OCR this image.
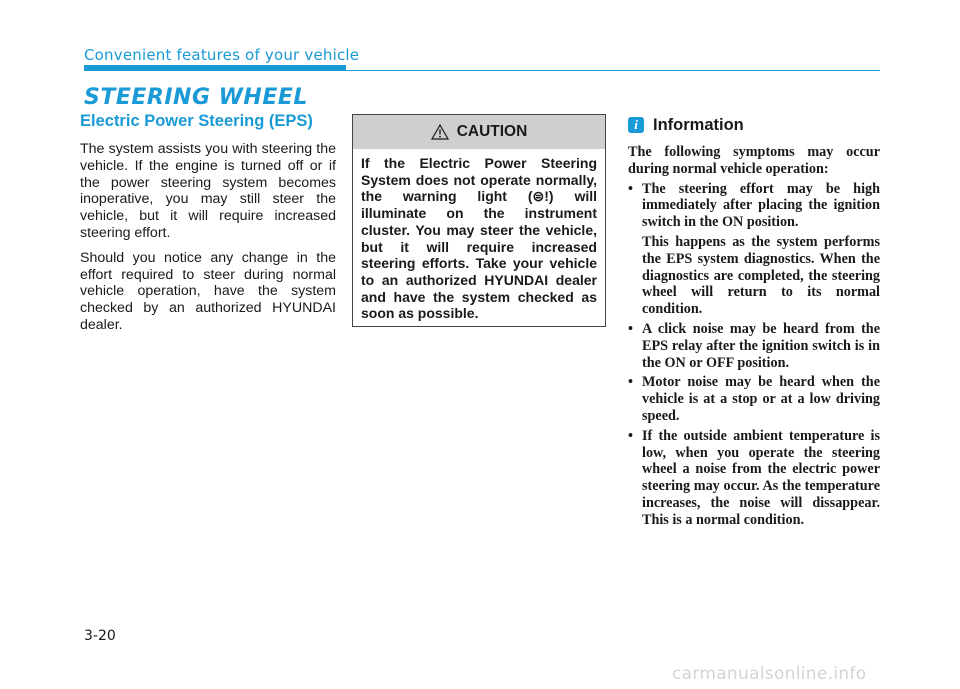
Convenient features of your vehicle
STEERING WHEEL
Electric Power Steering (EPS)

The system assists you with steering the vehicle. If the engine is turned off or if the power steering system becomes inoperative, you may still steer the vehicle, but it will require increased steering effort.

Should you notice any change in the effort required to steer during normal vehicle operation, have the system checked by an authorized HYUNDAI dealer.

CAUTION
If the Electric Power Steering System does not operate normally, the warning light (⊜!) will illuminate on the instrument cluster. You may steer the vehicle, but it will require increased steering efforts. Take your vehicle to an authorized HYUNDAI dealer and have the system checked as soon as possible.
i Information

The following symptoms may occur during normal vehicle operation:

• The steering effort may be high immediately after placing the ignition switch in the ON position.
This happens as the system performs the EPS system diagnostics. When the diagnostics are completed, the steering wheel will return to its normal condition.
• A click noise may be heard from the EPS relay after the ignition switch is in the ON or OFF position.
• Motor noise may be heard when the vehicle is at a stop or at a low driving speed.
• If the outside ambient temperature is low, when you operate the steering wheel a noise from the electric power steering may occur. As the temperature increases, the noise will dissappear. This is a normal condition.
3-20
carmanualsonline.info
